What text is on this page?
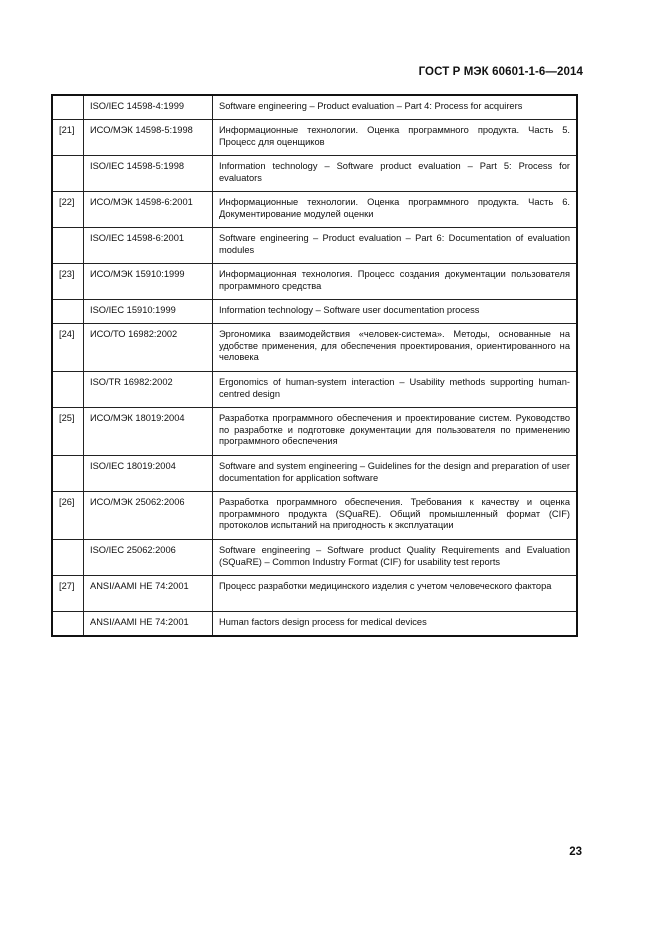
ГОСТ Р МЭК 60601-1-6—2014
	ISO/IEC 14598-4:1999	Software engineering – Product evaluation – Part 4: Process for acquirers
[21]	ИСО/МЭК 14598-5:1998	Информационные технологии. Оценка программного продукта. Часть 5. Процесс для оценщиков
	ISO/IEC 14598-5:1998	Information technology – Software product evaluation – Part 5: Process for evaluators
[22]	ИСО/МЭК 14598-6:2001	Информационные технологии. Оценка программного продукта. Часть 6. Документирование модулей оценки
	ISO/IEC 14598-6:2001	Software engineering – Product evaluation – Part 6: Documentation of evaluation modules
[23]	ИСО/МЭК 15910:1999	Информационная технология. Процесс создания документации пользователя программного средства
	ISO/IEC 15910:1999	Information technology – Software user documentation process
[24]	ИСО/ТО 16982:2002	Эргономика взаимодействия «человек-система». Методы, основанные на удобстве применения, для обеспечения проектирования, ориентированного на человека
	ISO/TR 16982:2002	Ergonomics of human-system interaction – Usability methods supporting human-centred design
[25]	ИСО/МЭК 18019:2004	Разработка программного обеспечения и проектирование систем. Руководство по разработке и подготовке документации для пользователя по применению программного обеспечения
	ISO/IEC 18019:2004	Software and system engineering – Guidelines for the design and preparation of user documentation for application software
[26]	ИСО/МЭК 25062:2006	Разработка программного обеспечения. Требования к качеству и оценка программного продукта (SQuaRE). Общий промышленный формат (CIF) протоколов испытаний на пригодность к эксплуатации
	ISO/IEC 25062:2006	Software engineering – Software product Quality Requirements and Evaluation (SQuaRE) – Common Industry Format (CIF) for usability test reports
[27]	ANSI/AAMI HE 74:2001	Процесс разработки медицинского изделия с учетом человеческого фактора
	ANSI/AAMI HE 74:2001	Human factors design process for medical devices
23
